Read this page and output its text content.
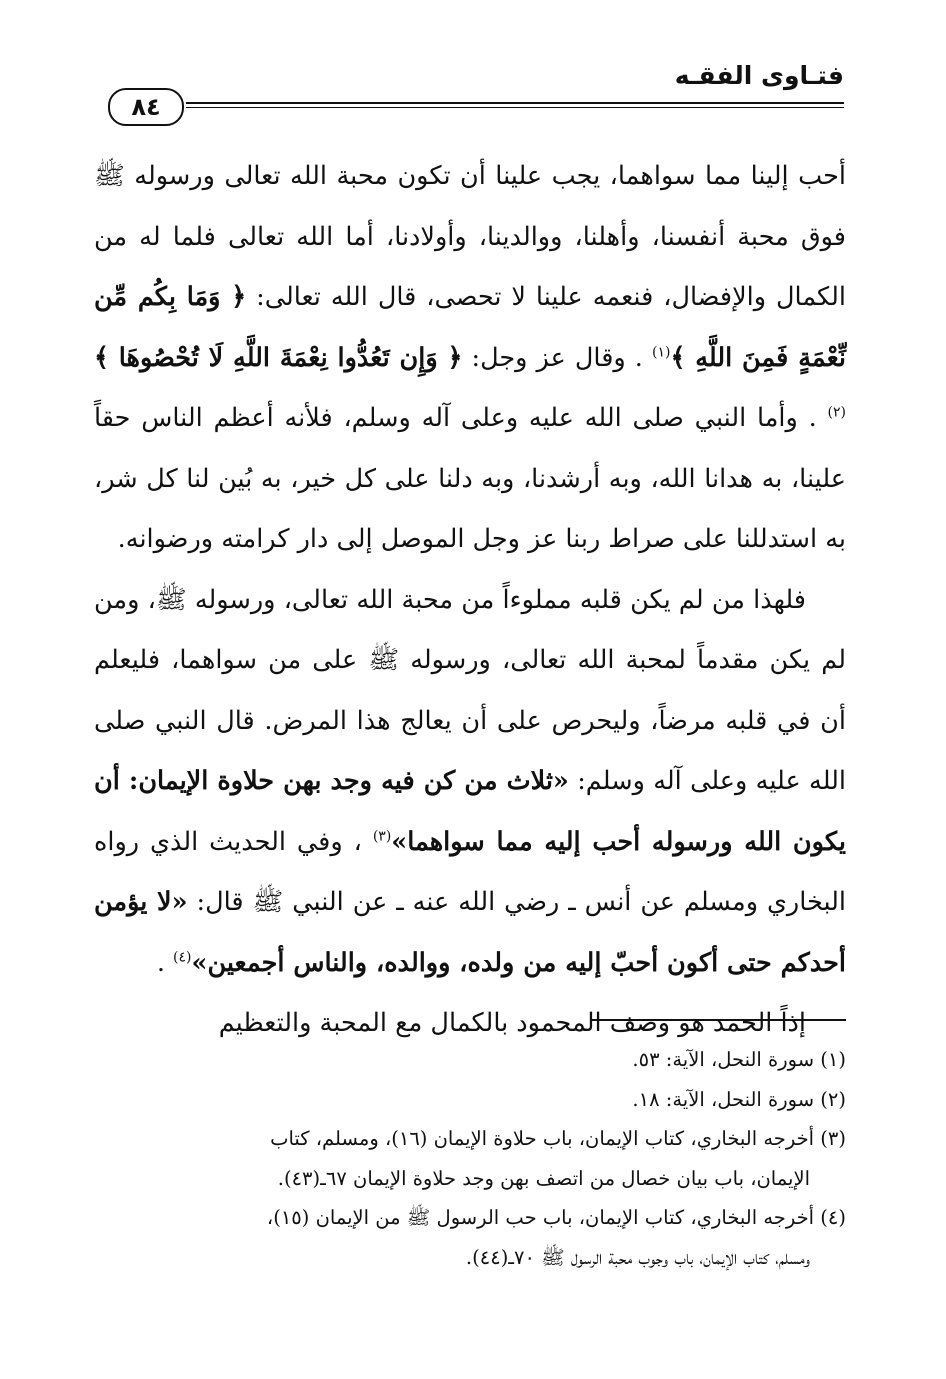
فتـاوى الفقـه
٨٤

أحب إلينا مما سواهما، يجب علينا أن تكون محبة الله تعالى ورسوله ﷺ فوق محبة أنفسنا، وأهلنا، ووالدينا، وأولادنا، أما الله تعالى فلما له من الكمال والإفضال، فنعمه علينا لا تحصى، قال الله تعالى: ﴿ وَمَا بِكُم مِّن نِّعْمَةٍ فَمِنَ اللَّهِ ﴾$^{(١)}$ . وقال عز وجل: ﴿ وَإِن تَعُدُّوا نِعْمَةَ اللَّهِ لَا تُحْصُوهَا ﴾$^{(٢)}$ . وأما النبي صلى الله عليه وعلى آله وسلم، فلأنه أعظم الناس حقاً علينا، به هدانا الله، وبه أرشدنا، وبه دلنا على كل خير، به بُين لنا كل شر، به استدللنا على صراط ربنا عز وجل الموصل إلى دار كرامته ورضوانه.

فلهذا من لم يكن قلبه مملوءاً من محبة الله تعالى، ورسوله ﷺ، ومن لم يكن مقدماً لمحبة الله تعالى، ورسوله ﷺ على من سواهما، فليعلم أن في قلبه مرضاً، وليحرص على أن يعالج هذا المرض. قال النبي صلى الله عليه وعلى آله وسلم: «ثلاث من كن فيه وجد بهن حلاوة الإيمان: أن يكون الله ورسوله أحب إليه مما سواهما»$^{(٣)}$ ، وفي الحديث الذي رواه البخاري ومسلم عن أنس ـ رضي الله عنه ـ عن النبي ﷺ قال: «لا يؤمن أحدكم حتى أكون أحبّ إليه من ولده، ووالده، والناس أجمعين»$^{(٤)}$ .

إذاً الحمد هو وصف المحمود بالكمال مع المحبة والتعظيم

(١) سورة النحل، الآية: ٥٣.

(٢) سورة النحل، الآية: ١٨.

(٣) أخرجه البخاري، كتاب الإيمان، باب حلاوة الإيمان (١٦)، ومسلم، كتاب

الإيمان، باب بيان خصال من اتصف بهن وجد حلاوة الإيمان ٦٧ـ(٤٣).

(٤) أخرجه البخاري، كتاب الإيمان، باب حب الرسول ﷺ من الإيمان (١٥)،

ومسلم، كتاب الإيمان، باب وجوب محبة الرسول ﷺ ٧٠ـ(٤٤).
